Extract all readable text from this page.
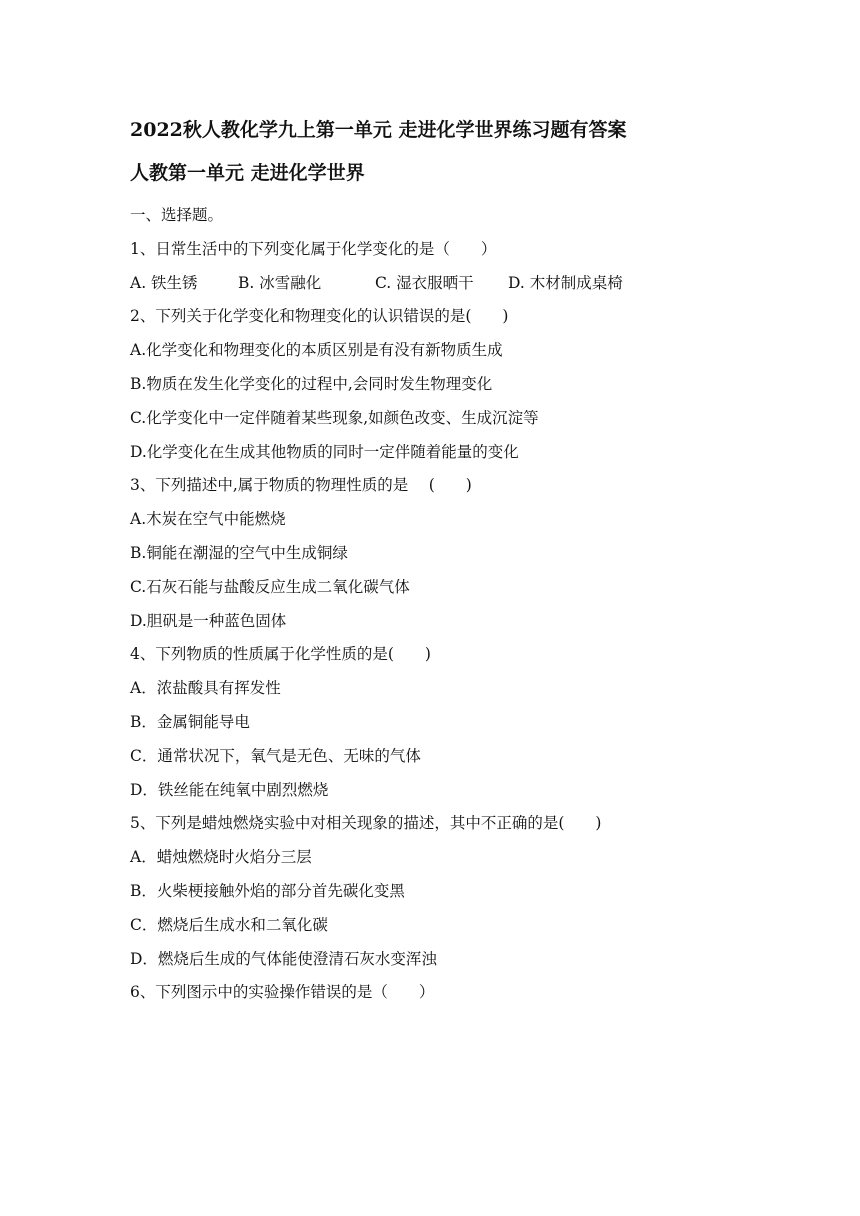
2022秋人教化学九上第一单元 走进化学世界练习题有答案
人教第一单元 走进化学世界
一、选择题。
1、日常生活中的下列变化属于化学变化的是（　　）
A. 铁生锈	B. 冰雪融化	C. 湿衣服晒干	D. 木材制成桌椅
2、下列关于化学变化和物理变化的认识错误的是(　　)
A.化学变化和物理变化的本质区别是有没有新物质生成
B.物质在发生化学变化的过程中,会同时发生物理变化
C.化学变化中一定伴随着某些现象,如颜色改变、生成沉淀等
D.化学变化在生成其他物质的同时一定伴随着能量的变化
3、下列描述中,属于物质的物理性质的是　 (　　)
A.木炭在空气中能燃烧
B.铜能在潮湿的空气中生成铜绿
C.石灰石能与盐酸反应生成二氧化碳气体
D.胆矾是一种蓝色固体
4、下列物质的性质属于化学性质的是(　　)
A．浓盐酸具有挥发性
B．金属铜能导电
C．通常状况下，氧气是无色、无味的气体
D．铁丝能在纯氧中剧烈燃烧
5、下列是蜡烛燃烧实验中对相关现象的描述，其中不正确的是(　　)
A．蜡烛燃烧时火焰分三层
B．火柴梗接触外焰的部分首先碳化变黑
C．燃烧后生成水和二氧化碳
D．燃烧后生成的气体能使澄清石灰水变浑浊
6、下列图示中的实验操作错误的是（　　）
